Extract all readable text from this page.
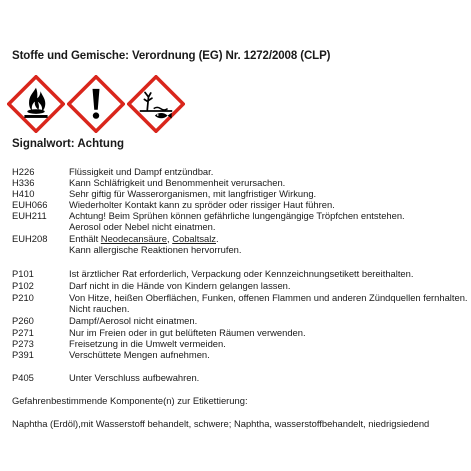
Stoffe und Gemische: Verordnung (EG) Nr. 1272/2008 (CLP)
Signalwort: Achtung
H226	Flüssigkeit und Dampf entzündbar.
H336	Kann Schläfrigkeit und Benommenheit verursachen.
H410	Sehr giftig für Wasserorganismen, mit langfristiger Wirkung.
EUH066 Wiederholter Kontakt kann zu spröder oder rissiger Haut führen.
EUH211 Achtung! Beim Sprühen können gefährliche lungengängige Tröpfchen entstehen.
Aerosol oder Nebel nicht einatmen.
EUH208 Enthält Neodecansäure, Cobaltsalz.
Kann allergische Reaktionen hervorrufen.
P101	Ist ärztlicher Rat erforderlich, Verpackung oder Kennzeichnungsetikett bereithalten.
P102	Darf nicht in die Hände von Kindern gelangen lassen.
P210	Von Hitze, heißen Oberflächen, Funken, offenen Flammen und anderen Zündquellen fernhalten.
Nicht rauchen.
P260	Dampf/Aerosol nicht einatmen.
P271	Nur im Freien oder in gut belüfteten Räumen verwenden.
P273	Freisetzung in die Umwelt vermeiden.
P391	Verschüttete Mengen aufnehmen.
P405	Unter Verschluss aufbewahren.
Gefahrenbestimmende Komponente(n) zur Etikettierung:
Naphtha (Erdöl),mit Wasserstoff behandelt, schwere; Naphtha, wasserstoffbehandelt, niedrigsiedend
